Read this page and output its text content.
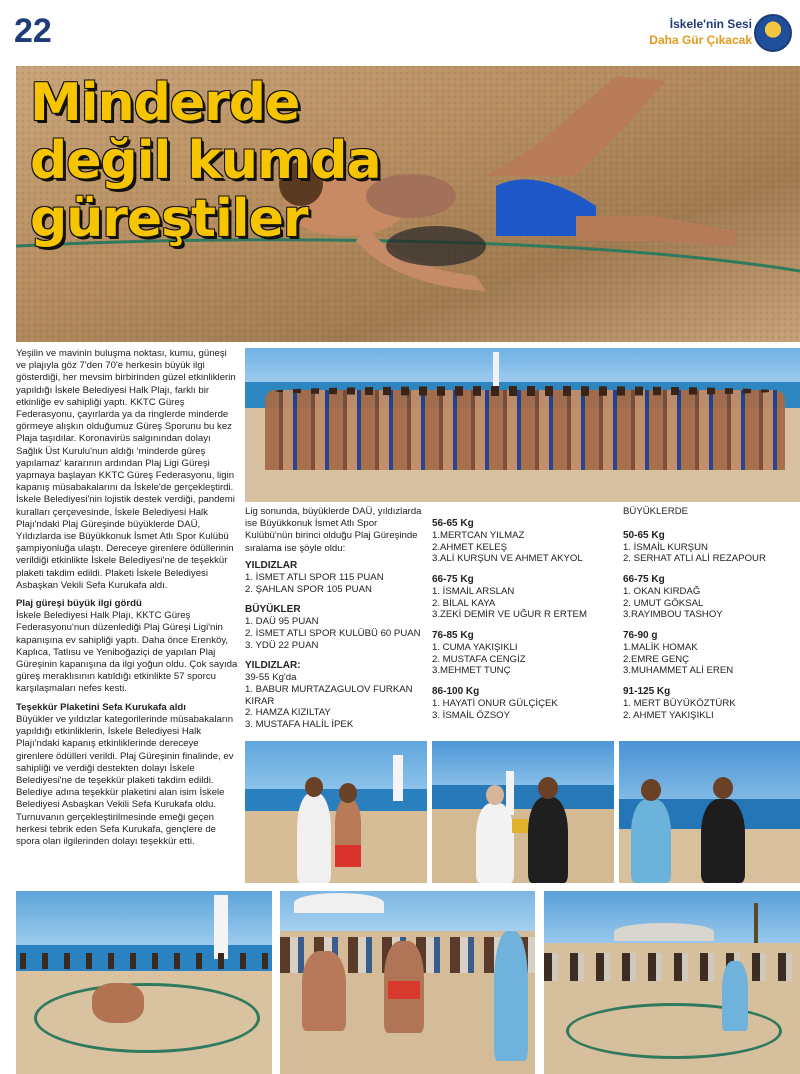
22	İskele'nin Sesi
Daha Gür Çıkacak
Minderde değil kumda güreştiler

Yeşilin ve mavinin buluşma noktası, kumu, güneşi ve plajıyla göz 7'den 70'e herkesin büyük ilgi gösterdiği, her mevsim birbirinden güzel etkinliklerin yapıldığı İskele Belediyesi Halk Plajı, farklı bir etkinliğe ev sahipliği yaptı. KKTC Güreş Federasyonu, çayırlarda ya da ringlerde minderde görmeye alışkın olduğumuz Güreş Sporunu bu kez Plaja taşıdılar. Koronavirüs salgınından dolayı Sağlık Üst Kurulu'nun aldığı 'minderde güreş yapılamaz' kararının ardından Plaj Ligi Güreşi yapmaya başlayan KKTC Güreş Federasyonu, ligin kapanış müsabakalarını da İskele'de gerçekleştirdi. İskele Belediyesi'nin lojistik destek verdiği, pandemi kuralları çerçevesinde, İskele Belediyesi Halk Plajı'ndaki Plaj Güreşinde büyüklerde DAÜ, Yıldızlarda ise Büyükkonuk İsmet Atlı Spor Kulübü şampiyonluğa ulaştı. Dereceye girenlere ödüllerinin verildiği etkinlikte İskele Belediyesi'ne de teşekkür plaketi takdim edildi. Plaketi İskele Belediyesi Asbaşkan Vekili Sefa Kurukafa aldı.

Plaj güreşi büyük ilgi gördü

İskele Belediyesi Halk Plajı, KKTC Güreş Federasyonu'nun düzenlediği Plaj Güreşi Ligi'nin kapanışına ev sahipliği yaptı. Daha önce Erenköy, Kaplıca, Tatlısu ve Yeniboğaziçi de yapılan Plaj Güreşinin kapanışına da ilgi yoğun oldu. Çok sayıda güreş meraklısının katıldığı etkinlikte 57 sporcu karşılaşmaları nefes kesti.

Teşekkür Plaketini Sefa Kurukafa aldı

Büyükler ve yıldızlar kategorilerinde müsabakaların yapıldığı etkinliklerin, İskele Belediyesi Halk Plajı'ndaki kapanış etkinliklerinde dereceye girenlere ödülleri verildi. Plaj Güreşinin finalinde, ev sahipliği ve verdiği destekten dolayı İskele Belediyesi'ne de teşekkür plaketi takdim edildi. Belediye adına teşekkür plaketini alan isim İskele Belediyesi Asbaşkan Vekili Sefa Kurukafa oldu. Turnuvanın gerçekleştirilmesinde emeği geçen herkesi tebrik eden Sefa Kurukafa, gençlere de spora olan ilgilerinden dolayı teşekkür etti.

Lig sonunda, büyüklerde DAÜ, yıldızlarda ise Büyükkonuk İsmet Atlı Spor Kulübü'nün birinci olduğu Plaj Güreşinde sıralama ise şöyle oldu:

YILDIZLAR
1. İSMET ATLI SPOR 115 PUAN
2. ŞAHLAN SPOR 105 PUAN
BÜYÜKLER
1. DAÜ 95 PUAN
2. İSMET ATLI SPOR KULÜBÜ 60 PUAN
3. YDÜ 22 PUAN
YILDIZLAR:
39-55 Kg'da
1. BABUR MURTAZAGULOV FURKAN KIRAR
2. HAMZA KIZILTAY
3. MUSTAFA HALİL İPEK
56-65 Kg
1.MERTCAN YILMAZ
2.AHMET KELEŞ
3.ALİ KURŞUN VE AHMET AKYOL
66-75 Kg
1. İSMAİL ARSLAN
2. BİLAL KAYA
3.ZEKİ DEMİR VE UĞUR R ERTEM
76-85 Kg
1. CUMA YAKIŞIKLI
2. MUSTAFA CENGİZ
3.MEHMET TUNÇ
86-100 Kg
1. HAYATİ ONUR GÜLÇİÇEK
3. İSMAİL ÖZSOY
BÜYÜKLERDE
50-65 Kg
1. İSMAİL KURŞUN
2. SERHAT ATLI ALİ REZAPOUR
66-75 Kg
1. OKAN KIRDAĞ
2. UMUT GÖKSAL
3.RAYIMBOU TASHOY
76-90 g
1.MALİK HOMAK
2.EMRE GENÇ
3.MUHAMMET ALİ EREN
91-125 Kg
1. MERT BÜYÜKÖZTÜRK
2. AHMET YAKIŞIKLI
